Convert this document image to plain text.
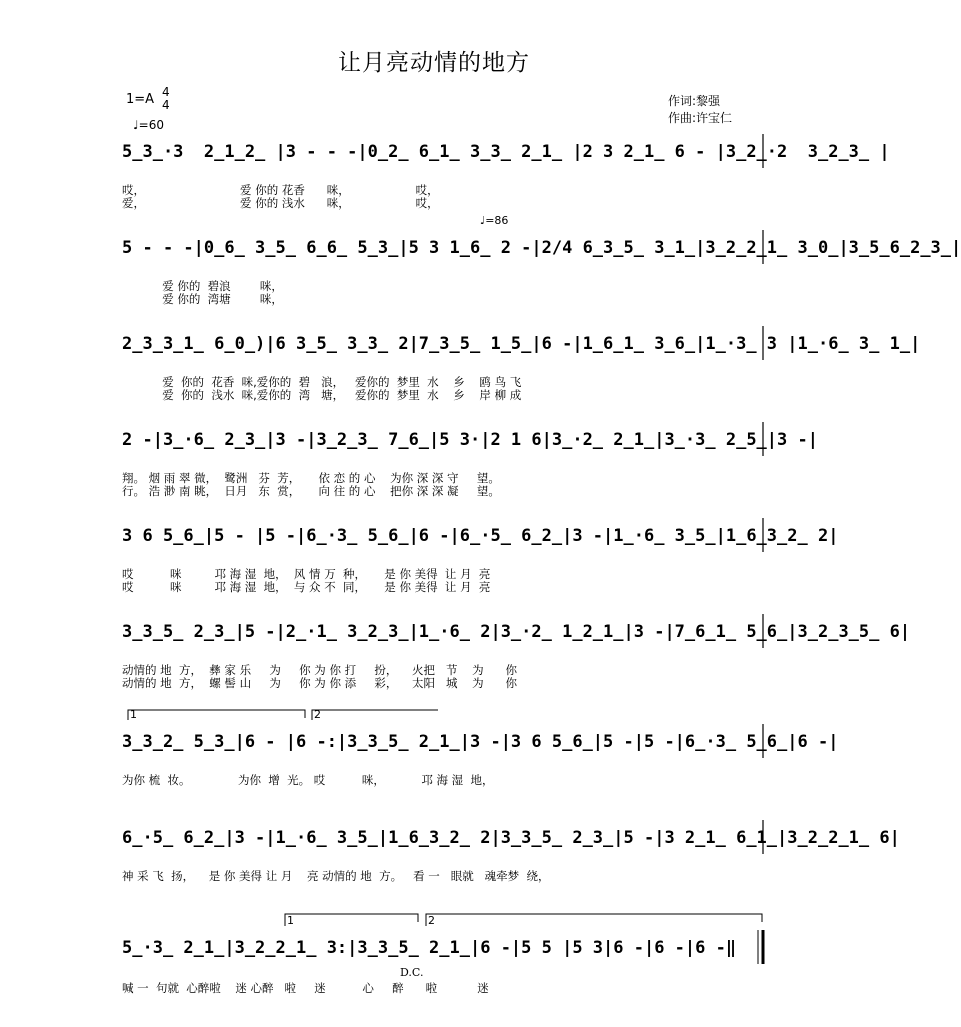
让月亮动情的地方
1=A 4
4
♩=60
作词:黎强
作曲:许宝仁
5̲3̲·3  2̲1̲2̲ |3 - - -|0̲2̲ 6̲1̲ 3̲3̲ 2̲1̲ |2 3 2̲1̲ 6 - |3̲2̲·2  3̲2̲3̲ |
哎，                          爱 你的 花香      咪，                  哎，
爱，                          爱 你的 浅水      咪，                  哎，
♩=86
5 - - -|0̲6̲ 3̲5̲ 6̲6̲ 5̲3̲|5 3 1̲6̲ 2 -|2/4 6̲3̲5̲ 3̲1̲|3̲2̲2̲1̲ 3̲0̲|3̲5̲6̲2̲3̲|
爱 你的  碧浪        咪，
爱 你的  湾塘        咪，
2̲3̲3̲1̲ 6̲0̲)|6 3̲5̲ 3̲3̲ 2|7̲3̲5̲ 1̲5̲|6 -|1̲6̲1̲ 3̲6̲|1̲·3̲ 3 |1̲·6̲ 3̲ 1̲|
爱  你的  花香  咪,爱你的  碧   浪，   爱你的  梦里  水    乡    鸥 鸟 飞
爱  你的  浅水  咪,爱你的  湾   塘，   爱你的  梦里  水    乡    岸 柳 成
2 -|3̲·6̲ 2̲3̲|3 -|3̲2̲3̲ 7̲6̲|5 3·|2 1 6|3̲·2̲ 2̲1̲|3̲·3̲ 2̲5̲|3 -|
翔。 烟 雨 翠 微，  鹭洲   芬  芳，     依 恋 的 心    为你 深 深 守     望。
行。 浩 渺 南 眺，  日月   东  赏，     向 往 的 心    把你 深 深 凝     望。
3 6 5̲6̲|5 - |5 -|6̲·3̲ 5̲6̲|6 -|6̲·5̲ 6̲2̲|3 -|1̲·6̲ 3̲5̲|1̲6̲3̲2̲ 2|
哎          咪         邛 海 湿  地，  风 情 万  种，     是 你 美得  让 月  亮
哎          咪         邛 海 湿  地，  与 众 不  同，     是 你 美得  让 月  亮
3̲3̲5̲ 2̲3̲|5 -|2̲·1̲ 3̲2̲3̲|1̲·6̲ 2|3̲·2̲ 1̲2̲1̲|3 -|7̲6̲1̲ 5̲6̲|3̲2̲3̲5̲ 6|
动情的 地  方，  彝 家 乐     为     你 为 你 打     扮，    火把   节    为      你
动情的 地  方，  螺 髻 山     为     你 为 你 添     彩，    太阳   城    为      你
1	2
3̲3̲2̲ 5̲3̲|6 - |6 -:|3̲3̲5̲ 2̲1̲|3 -|3 6 5̲6̲|5 -|5 -|6̲·3̲ 5̲6̲|6 -|
为你 梳  妆。             为你  增  光。 哎          咪，          邛 海 湿  地，
6̲·5̲ 6̲2̲|3 -|1̲·6̲ 3̲5̲|1̲6̲3̲2̲ 2|3̲3̲5̲ 2̲3̲|5 -|3 2̲1̲ 6̲1̲|3̲2̲2̲1̲ 6|
神 采 飞  扬，    是 你 美得 让 月    亮 动情的 地  方。   看 一   眼就   魂牵梦  绕，
1	2
5̲·3̲ 2̲1̲|3̲2̲2̲1̲ 3:|3̲3̲5̲ 2̲1̲|6 -|5 5 |5 3|6 -|6 -|6 -‖
D.C.
喊 一  句就  心醉啦    迷 心醉   啦     迷          心     醉      啦           迷
